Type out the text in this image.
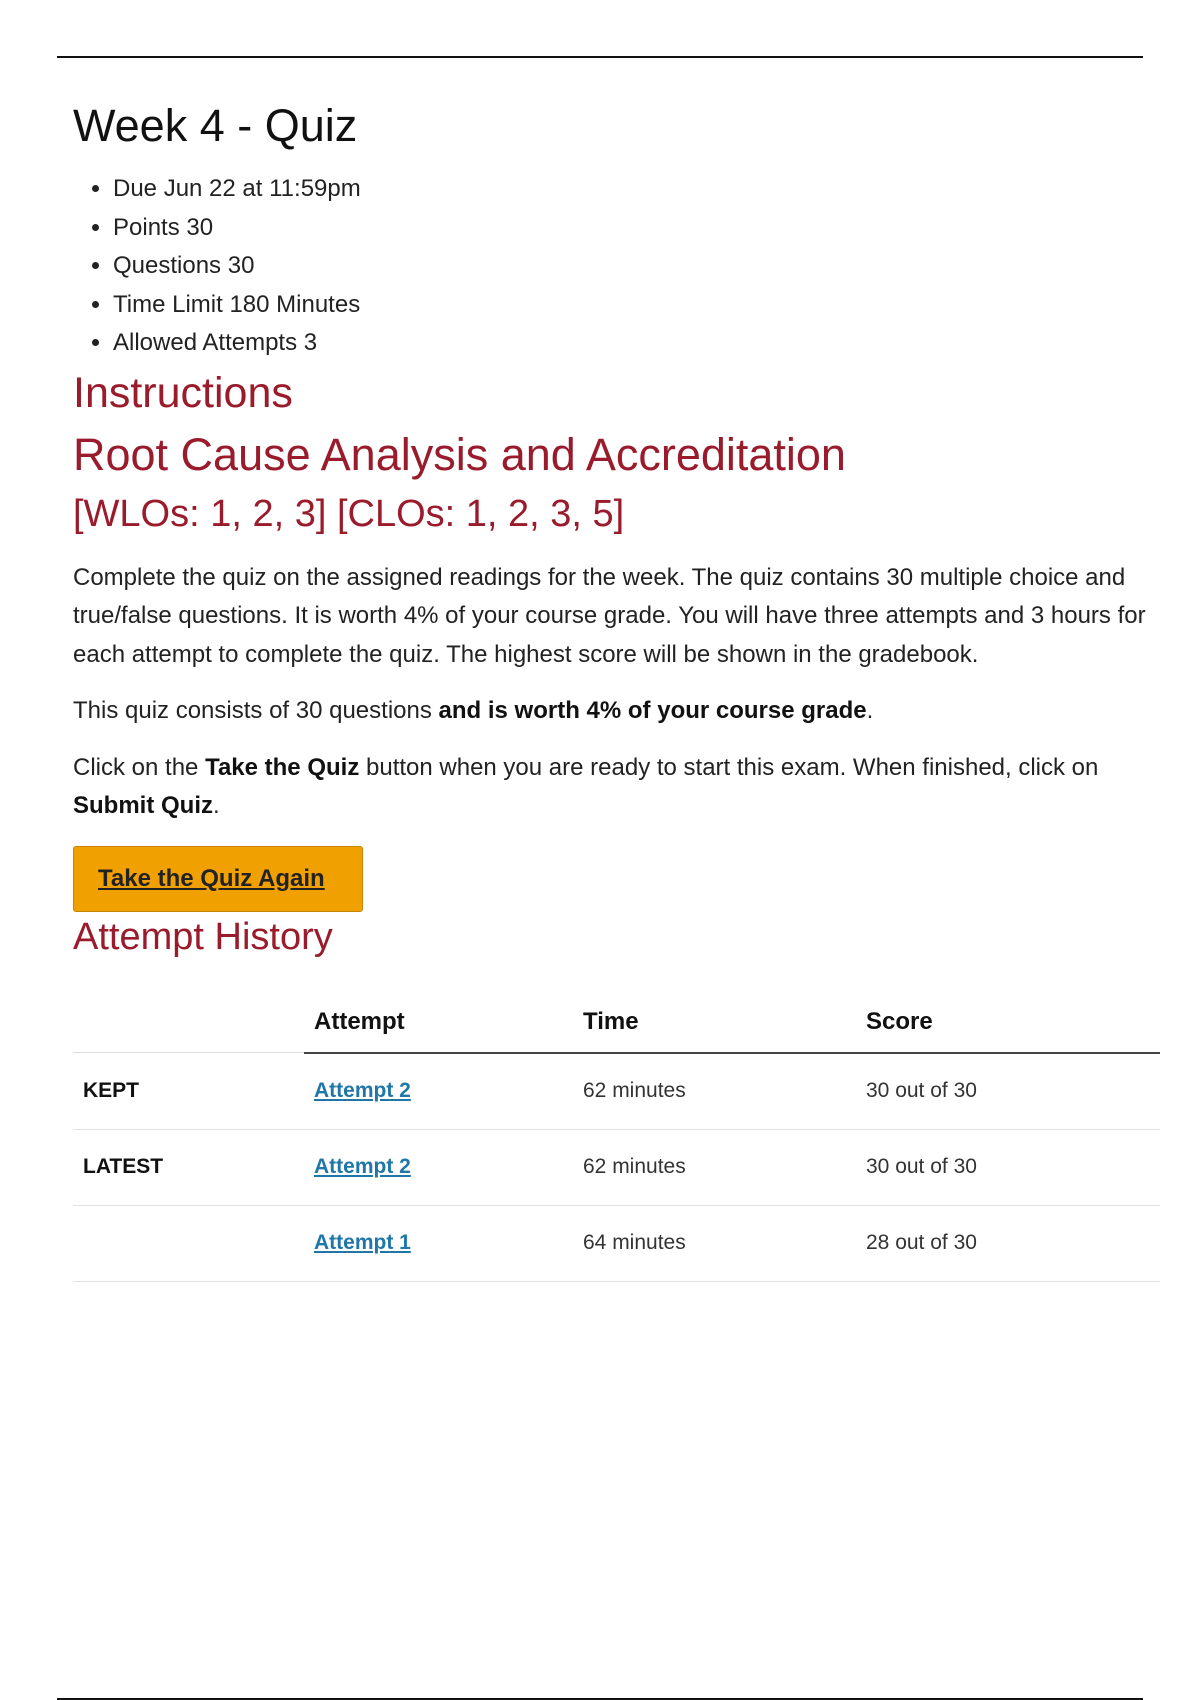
Week 4 - Quiz
• Due Jun 22 at 11:59pm
• Points 30
• Questions 30
• Time Limit 180 Minutes
• Allowed Attempts 3
Instructions
Root Cause Analysis and Accreditation
[WLOs: 1, 2, 3] [CLOs: 1, 2, 3, 5]

Complete the quiz on the assigned readings for the week. The quiz contains 30 multiple choice and true/false questions. It is worth 4% of your course grade. You will have three attempts and 3 hours for each attempt to complete the quiz. The highest score will be shown in the gradebook.

This quiz consists of 30 questions and is worth 4% of your course grade.

Click on the Take the Quiz button when you are ready to start this exam. When finished, click on Submit Quiz.

Take the Quiz Again
Attempt History
	Attempt	Time	Score
KEPT	Attempt 2	62 minutes	30 out of 30
LATEST	Attempt 2	62 minutes	30 out of 30
	Attempt 1	64 minutes	28 out of 30
